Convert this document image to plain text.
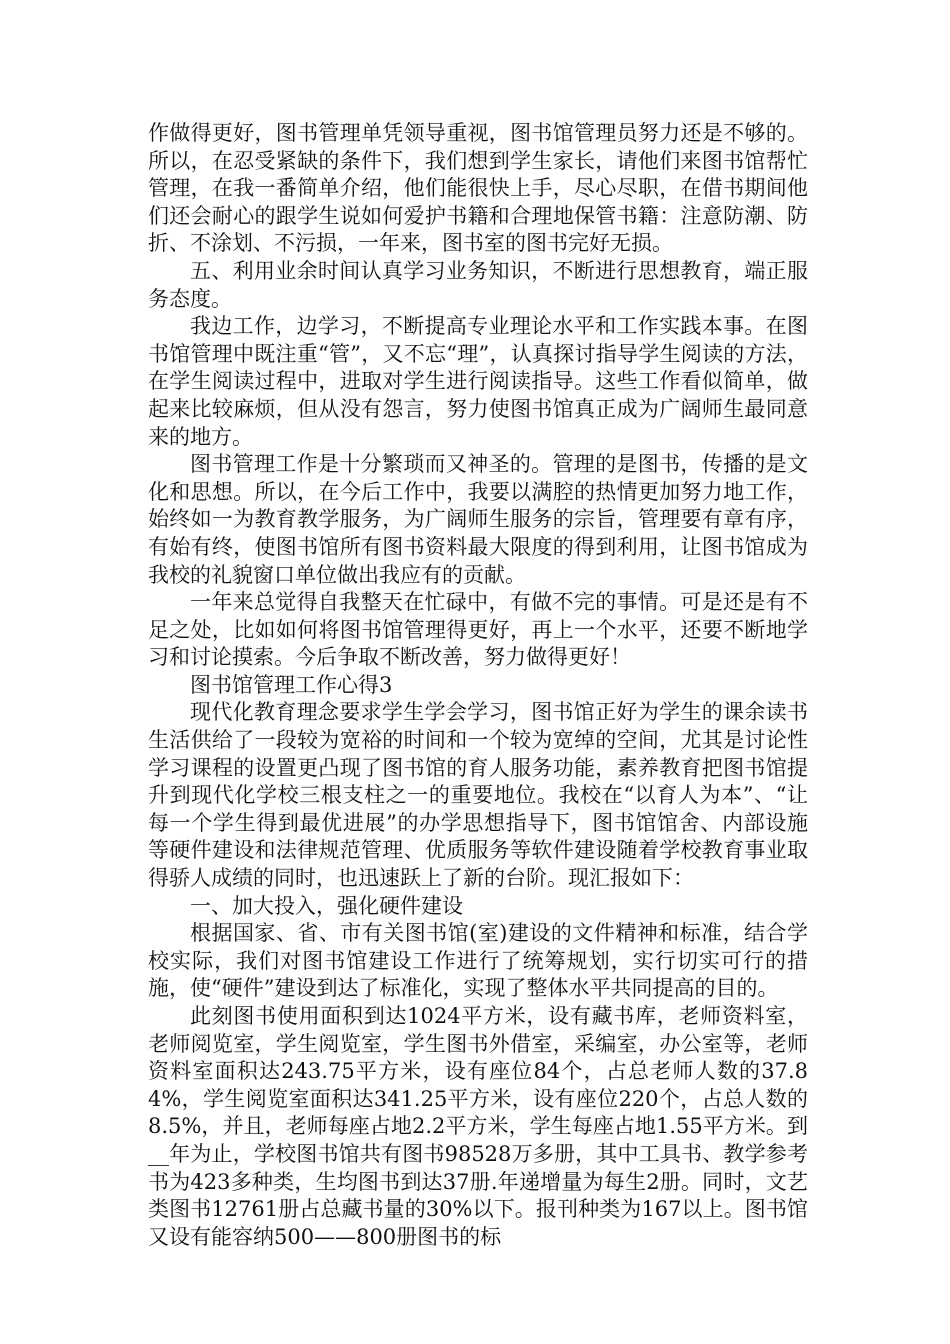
作做得更好，图书管理单凭领导重视，图书馆管理员努力还是不够的。所以，在忍受紧缺的条件下，我们想到学生家长，请他们来图书馆帮忙管理，在我一番简单介绍，他们能很快上手，尽心尽职，在借书期间他们还会耐心的跟学生说如何爱护书籍和合理地保管书籍：注意防潮、防折、不涂划、不污损，一年来，图书室的图书完好无损。

五、利用业余时间认真学习业务知识，不断进行思想教育，端正服务态度。

我边工作，边学习，不断提高专业理论水平和工作实践本事。在图书馆管理中既注重“管”，又不忘“理”，认真探讨指导学生阅读的方法，在学生阅读过程中，进取对学生进行阅读指导。这些工作看似简单，做起来比较麻烦，但从没有怨言，努力使图书馆真正成为广阔师生最同意来的地方。

图书管理工作是十分繁琐而又神圣的。管理的是图书，传播的是文化和思想。所以，在今后工作中，我要以满腔的热情更加努力地工作，始终如一为教育教学服务，为广阔师生服务的宗旨，管理要有章有序，有始有终，使图书馆所有图书资料最大限度的得到利用，让图书馆成为我校的礼貌窗口单位做出我应有的贡献。

一年来总觉得自我整天在忙碌中，有做不完的事情。可是还是有不足之处，比如如何将图书馆管理得更好，再上一个水平，还要不断地学习和讨论摸索。今后争取不断改善，努力做得更好！

图书馆管理工作心得3

现代化教育理念要求学生学会学习，图书馆正好为学生的课余读书生活供给了一段较为宽裕的时间和一个较为宽绰的空间，尤其是讨论性学习课程的设置更凸现了图书馆的育人服务功能，素养教育把图书馆提升到现代化学校三根支柱之一的重要地位。我校在“以育人为本”、“让每一个学生得到最优进展”的办学思想指导下，图书馆馆舍、内部设施等硬件建设和法律规范管理、优质服务等软件建设随着学校教育事业取得骄人成绩的同时，也迅速跃上了新的台阶。现汇报如下：

一、加大投入，强化硬件建设

根据国家、省、市有关图书馆(室)建设的文件精神和标准，结合学校实际，我们对图书馆建设工作进行了统筹规划，实行切实可行的措施，使“硬件”建设到达了标准化，实现了整体水平共同提高的目的。

此刻图书使用面积到达1024平方米，设有藏书库，老师资料室，老师阅览室，学生阅览室，学生图书外借室，采编室，办公室等，老师资料室面积达243.75平方米，设有座位84个，占总老师人数的37.84%，学生阅览室面积达341.25平方米，设有座位220个，占总人数的8.5%，并且，老师每座占地2.2平方米，学生每座占地1.55平方米。到__年为止，学校图书馆共有图书98528万多册，其中工具书、教学参考书为423多种类，生均图书到达37册.年递增量为每生2册。同时，文艺类图书12761册占总藏书量的30%以下。报刊种类为167以上。图书馆又设有能容纳500——800册图书的标
